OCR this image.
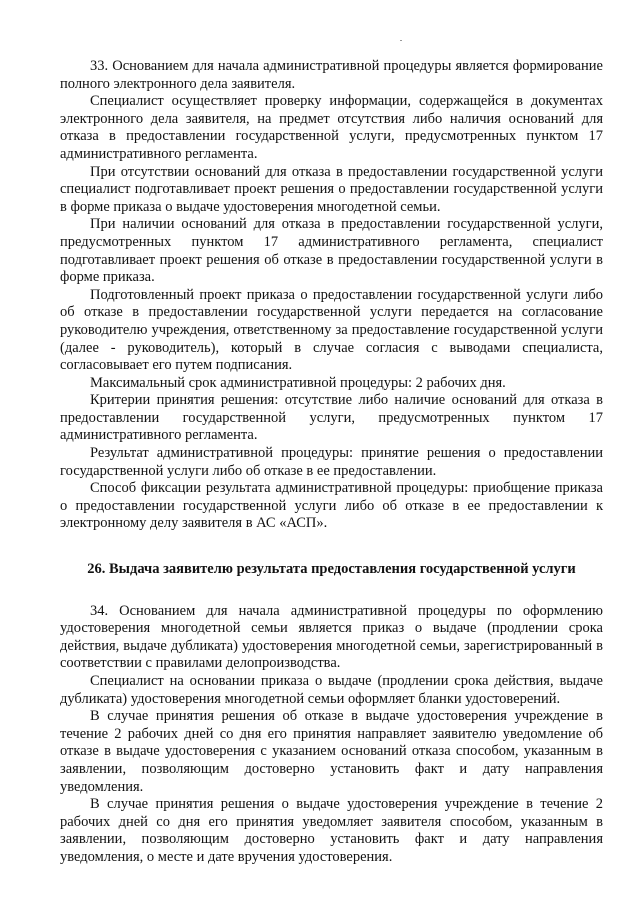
33. Основанием для начала административной процедуры является формирование полного электронного дела заявителя.

Специалист осуществляет проверку информации, содержащейся в документах электронного дела заявителя, на предмет отсутствия либо наличия оснований для отказа в предоставлении государственной услуги, предусмотренных пунктом 17 административного регламента.

При отсутствии оснований для отказа в предоставлении государственной услуги специалист подготавливает проект решения о предоставлении государственной услуги в форме приказа о выдаче удостоверения многодетной семьи.

При наличии оснований для отказа в предоставлении государственной услуги, предусмотренных пунктом 17 административного регламента, специалист подготавливает проект решения об отказе в предоставлении государственной услуги в форме приказа.

Подготовленный проект приказа о предоставлении государственной услуги либо об отказе в предоставлении государственной услуги передается на согласование руководителю учреждения, ответственному за предоставление государственной услуги (далее - руководитель), который в случае согласия с выводами специалиста, согласовывает его путем подписания.

Максимальный срок административной процедуры: 2 рабочих дня.

Критерии принятия решения: отсутствие либо наличие оснований для отказа в предоставлении государственной услуги, предусмотренных пунктом 17 административного регламента.

Результат административной процедуры: принятие решения о предоставлении государственной услуги либо об отказе в ее предоставлении.

Способ фиксации результата административной процедуры: приобщение приказа о предоставлении государственной услуги либо об отказе в ее предоставлении к электронному делу заявителя в АС «АСП».

26. Выдача заявителю результата предоставления государственной услуги

34. Основанием для начала административной процедуры по оформлению удостоверения многодетной семьи является приказ о выдаче (продлении срока действия, выдаче дубликата) удостоверения многодетной семьи, зарегистрированный в соответствии с правилами делопроизводства.

Специалист на основании приказа о выдаче (продлении срока действия, выдаче дубликата) удостоверения многодетной семьи оформляет бланки удостоверений.

В случае принятия решения об отказе в выдаче удостоверения учреждение в течение 2 рабочих дней со дня его принятия направляет заявителю уведомление об отказе в выдаче удостоверения с указанием оснований отказа способом, указанным в заявлении, позволяющим достоверно установить факт и дату направления уведомления.

В случае принятия решения о выдаче удостоверения учреждение в течение 2 рабочих дней со дня его принятия уведомляет заявителя способом, указанным в заявлении, позволяющим достоверно установить факт и дату направления уведомления, о месте и дате вручения удостоверения.
